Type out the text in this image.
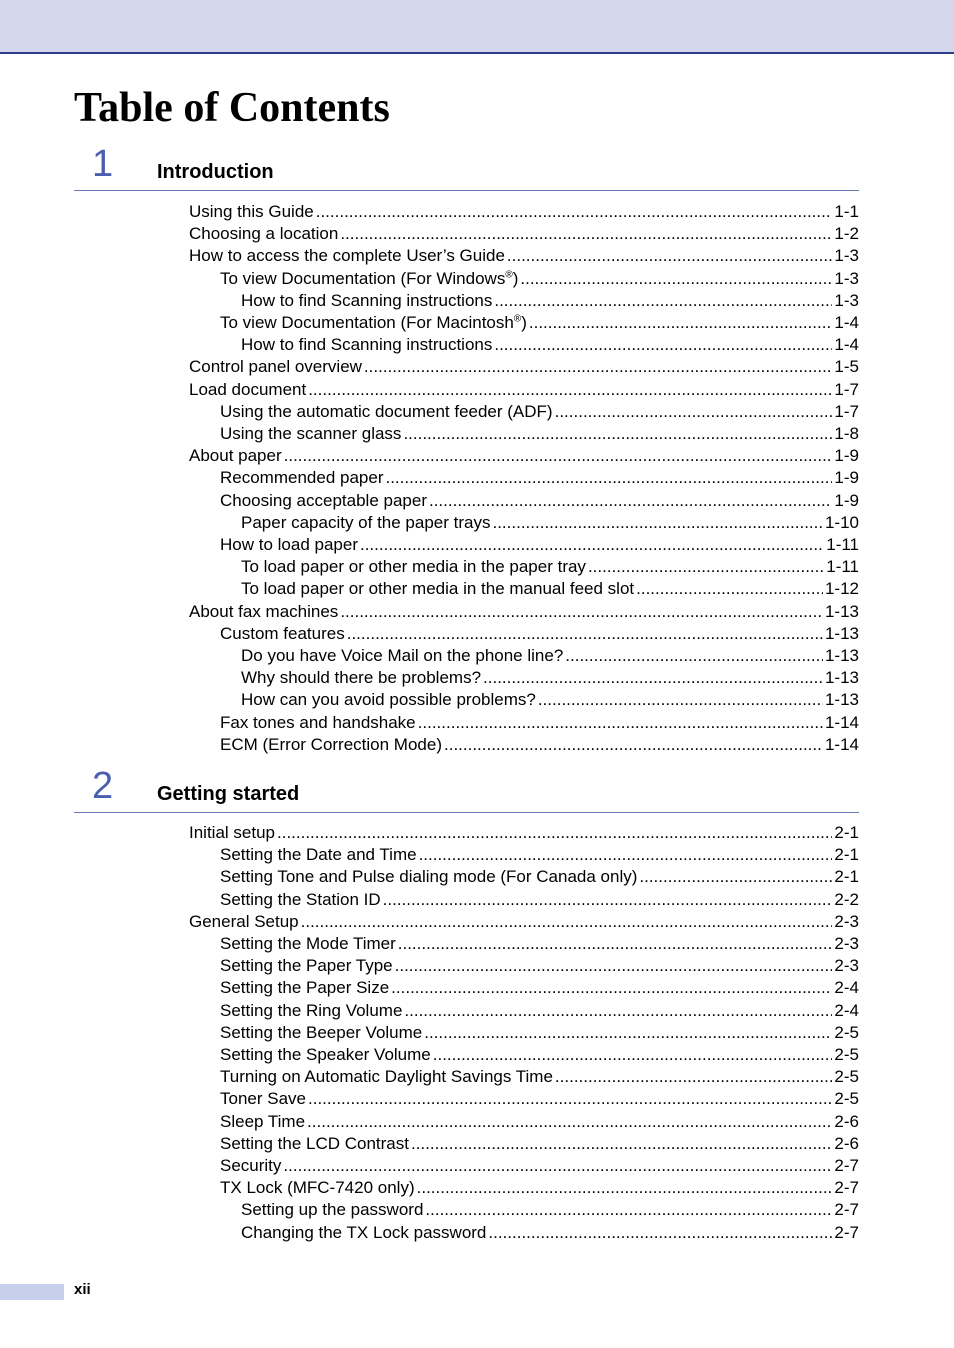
Table of Contents
1 Introduction
Using this Guide .....	1-1
Choosing a location .....	1-2
How to access the complete User’s Guide .....	1-3
To view Documentation (For Windows®) .....	1-3
How to find Scanning instructions .....	1-3
To view Documentation (For Macintosh®) .....	1-4
How to find Scanning instructions .....	1-4
Control panel overview .....	1-5
Load document .....	1-7
Using the automatic document feeder (ADF) .....	1-7
Using the scanner glass .....	1-8
About paper .....	1-9
Recommended paper .....	1-9
Choosing acceptable paper .....	1-9
Paper capacity of the paper trays .....	1-10
How to load paper .....	1-11
To load paper or other media in the paper tray .....	1-11
To load paper or other media in the manual feed slot .....	1-12
About fax machines .....	1-13
Custom features .....	1-13
Do you have Voice Mail on the phone line? .....	1-13
Why should there be problems? .....	1-13
How can you avoid possible problems? .....	1-13
Fax tones and handshake .....	1-14
ECM (Error Correction Mode) .....	1-14
2 Getting started
Initial setup .....	2-1
Setting the Date and Time .....	2-1
Setting Tone and Pulse dialing mode (For Canada only) .....	2-1
Setting the Station ID .....	2-2
General Setup .....	2-3
Setting the Mode Timer .....	2-3
Setting the Paper Type .....	2-3
Setting the Paper Size .....	2-4
Setting the Ring Volume .....	2-4
Setting the Beeper Volume .....	2-5
Setting the Speaker Volume .....	2-5
Turning on Automatic Daylight Savings Time .....	2-5
Toner Save .....	2-5
Sleep Time .....	2-6
Setting the LCD Contrast .....	2-6
Security .....	2-7
TX Lock (MFC-7420 only) .....	2-7
Setting up the password .....	2-7
Changing the TX Lock password .....	2-7
xii
